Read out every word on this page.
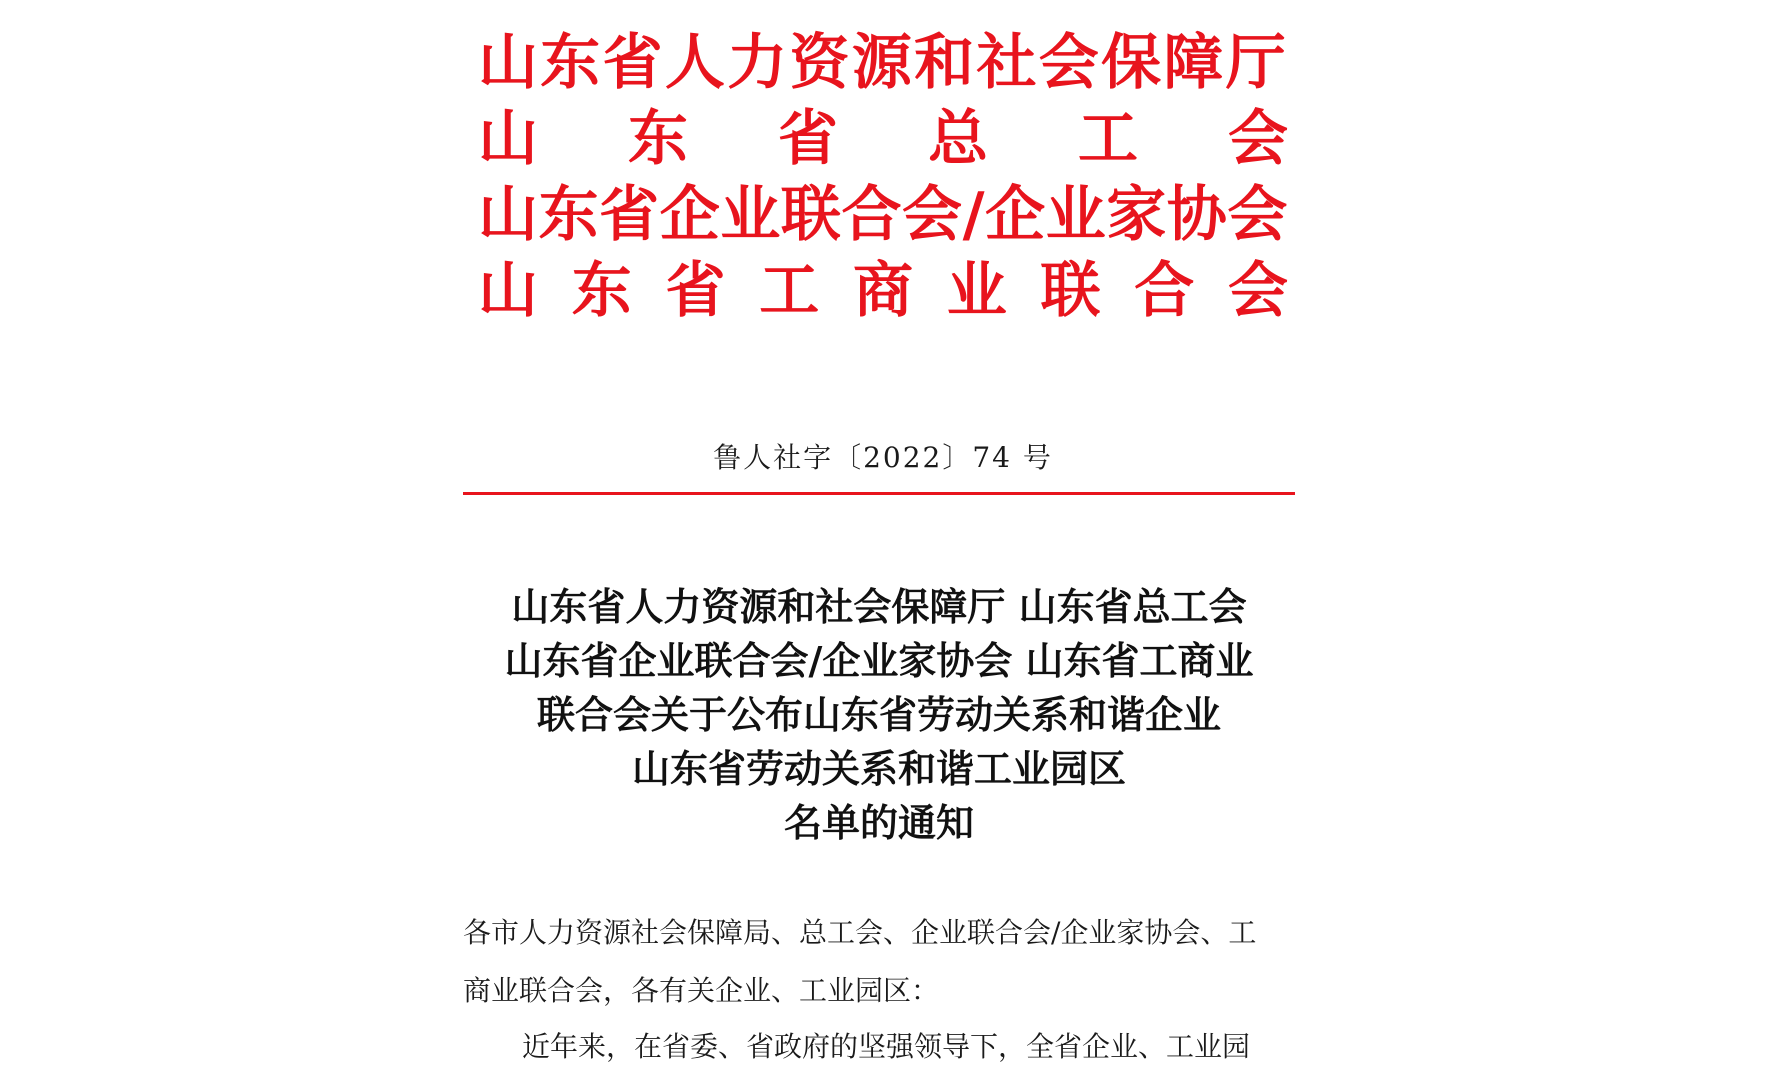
山东省人力资源和社会保障厅
山 东 省 总 工 会
山东省企业联合会/企业家协会
山 东 省 工 商 业 联 合 会
鲁人社字〔2022〕74 号
山东省人力资源和社会保障厅 山东省总工会
山东省企业联合会/企业家协会 山东省工商业
联合会关于公布山东省劳动关系和谐企业
山东省劳动关系和谐工业园区
名单的通知
各市人力资源社会保障局、总工会、企业联合会/企业家协会、工
商业联合会，各有关企业、工业园区：
近年来，在省委、省政府的坚强领导下，全省企业、工业园
